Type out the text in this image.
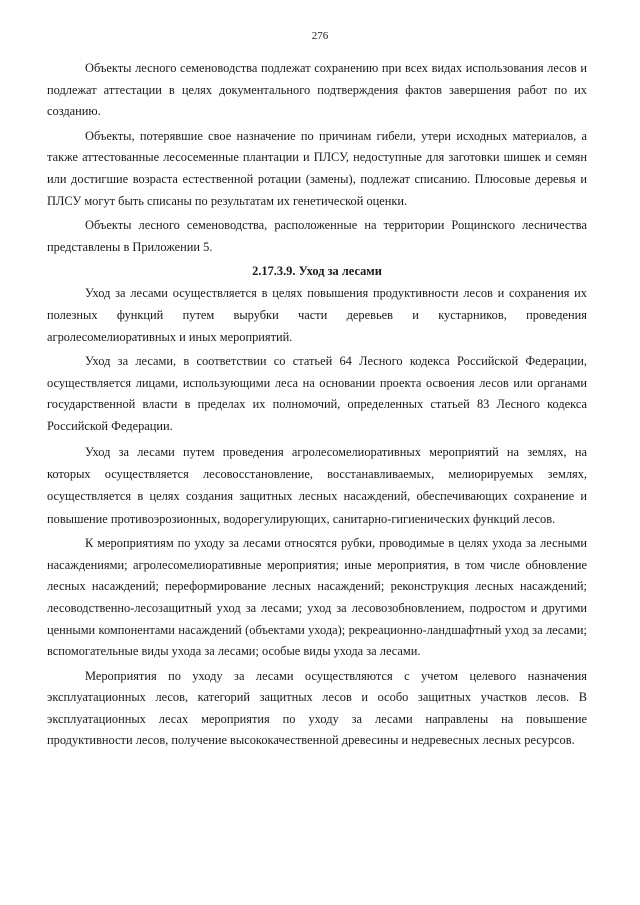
276

Объекты лесного семеноводства подлежат сохранению при всех видах использования лесов и подлежат аттестации в целях документального подтверждения фактов завершения работ по их созданию.

Объекты, потерявшие свое назначение по причинам гибели, утери исходных материалов, а также аттестованные лесосеменные плантации и ПЛСУ, недоступные для заготовки шишек и семян или достигшие возраста естественной ротации (замены), подлежат списанию. Плюсовые деревья и ПЛСУ могут быть списаны по результатам их генетической оценки.

Объекты лесного семеноводства, расположенные на территории Рощинского лесничества представлены в Приложении 5.

2.17.3.9. Уход за лесами

Уход за лесами осуществляется в целях повышения продуктивности лесов и сохранения их полезных функций путем вырубки части деревьев и кустарников, проведения агролесомелиоративных и иных мероприятий.

Уход за лесами, в соответствии со статьей 64 Лесного кодекса Российской Федерации, осуществляется лицами, использующими леса на основании проекта освоения лесов или органами государственной власти в пределах их полномочий, определенных статьей 83 Лесного кодекса Российской Федерации.

Уход за лесами путем проведения агролесомелиоративных мероприятий на землях, на которых осуществляется лесовосстановление, восстанавливаемых, мелиорируемых землях, осуществляется в целях создания защитных лесных насаждений, обеспечивающих сохранение и повышение противоэрозионных, водорегулирующих, санитарно-гигиенических функций лесов.

К мероприятиям по уходу за лесами относятся рубки, проводимые в целях ухода за лесными насаждениями; агролесомелиоративные мероприятия; иные мероприятия, в том числе обновление лесных насаждений; переформирование лесных насаждений; реконструкция лесных насаждений; лесоводственно-лесозащитный уход за лесами; уход за лесовозобновлением, подростом и другими ценными компонентами насаждений (объектами ухода); рекреационно-ландшафтный уход за лесами; вспомогательные виды ухода за лесами; особые виды ухода за лесами.

Мероприятия по уходу за лесами осуществляются с учетом целевого назначения эксплуатационных лесов, категорий защитных лесов и особо защитных участков лесов. В эксплуатационных лесах мероприятия по уходу за лесами направлены на повышение продуктивности лесов, получение высококачественной древесины и недревесных лесных ресурсов.
